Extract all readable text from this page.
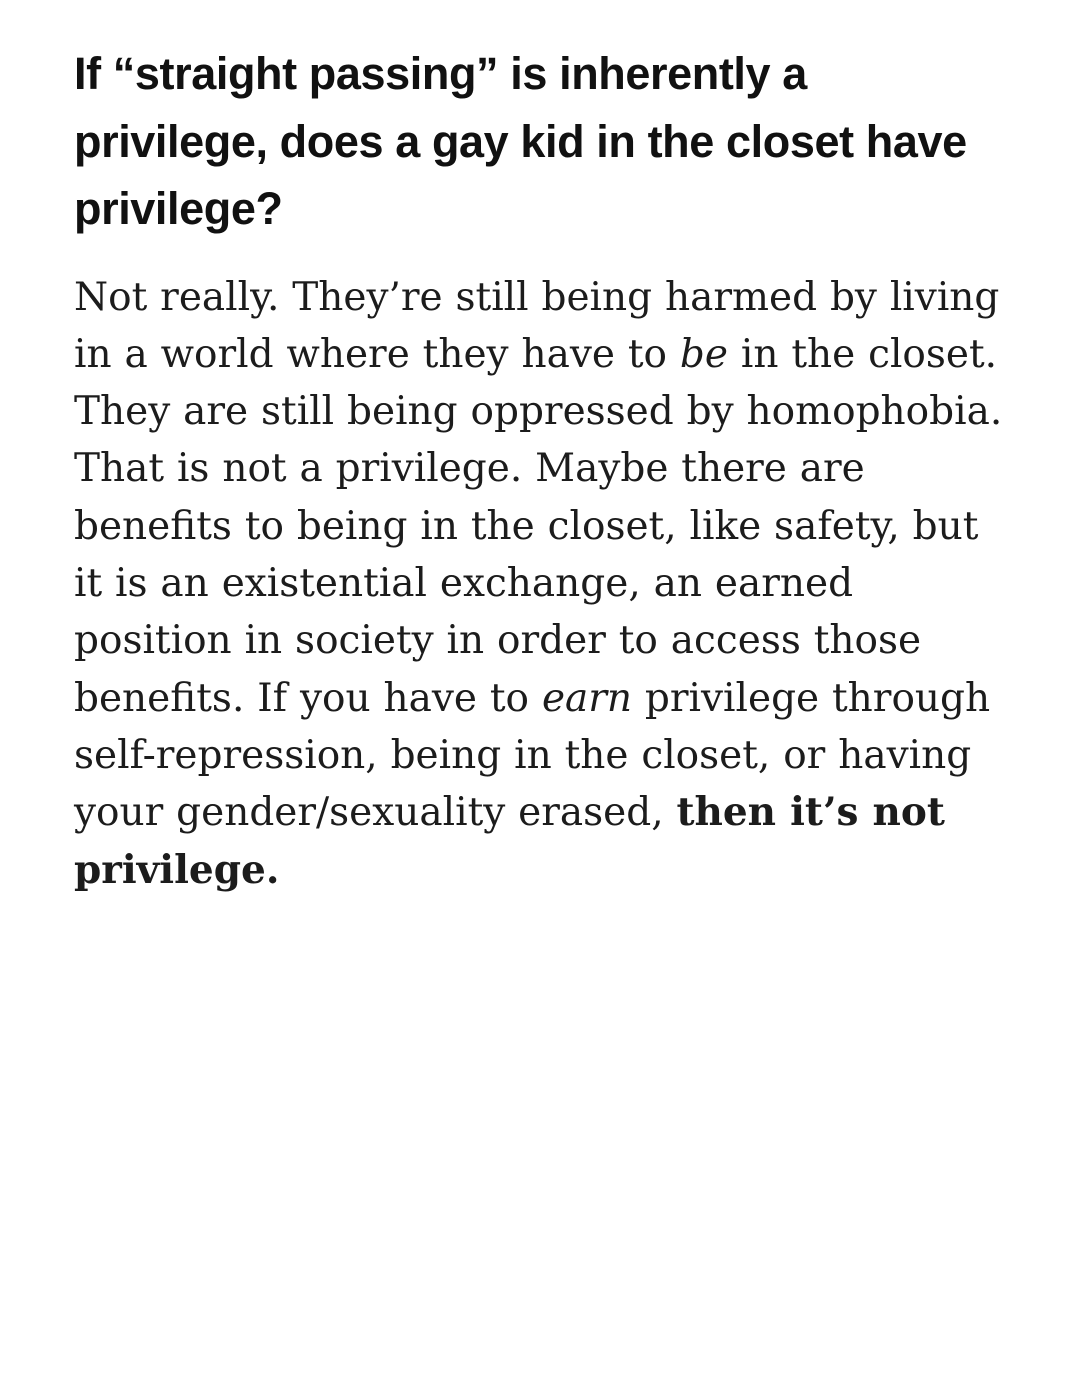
If “straight passing” is inherently a privilege, does a gay kid in the closet have privilege?

Not really. They’re still being harmed by living in a world where they have to be in the closet. They are still being oppressed by homophobia. That is not a privilege. Maybe there are benefits to being in the closet, like safety, but it is an existential exchange, an earned position in society in order to access those benefits. If you have to earn privilege through self-repression, being in the closet, or having your gender/sexuality erased, then it’s not privilege.
